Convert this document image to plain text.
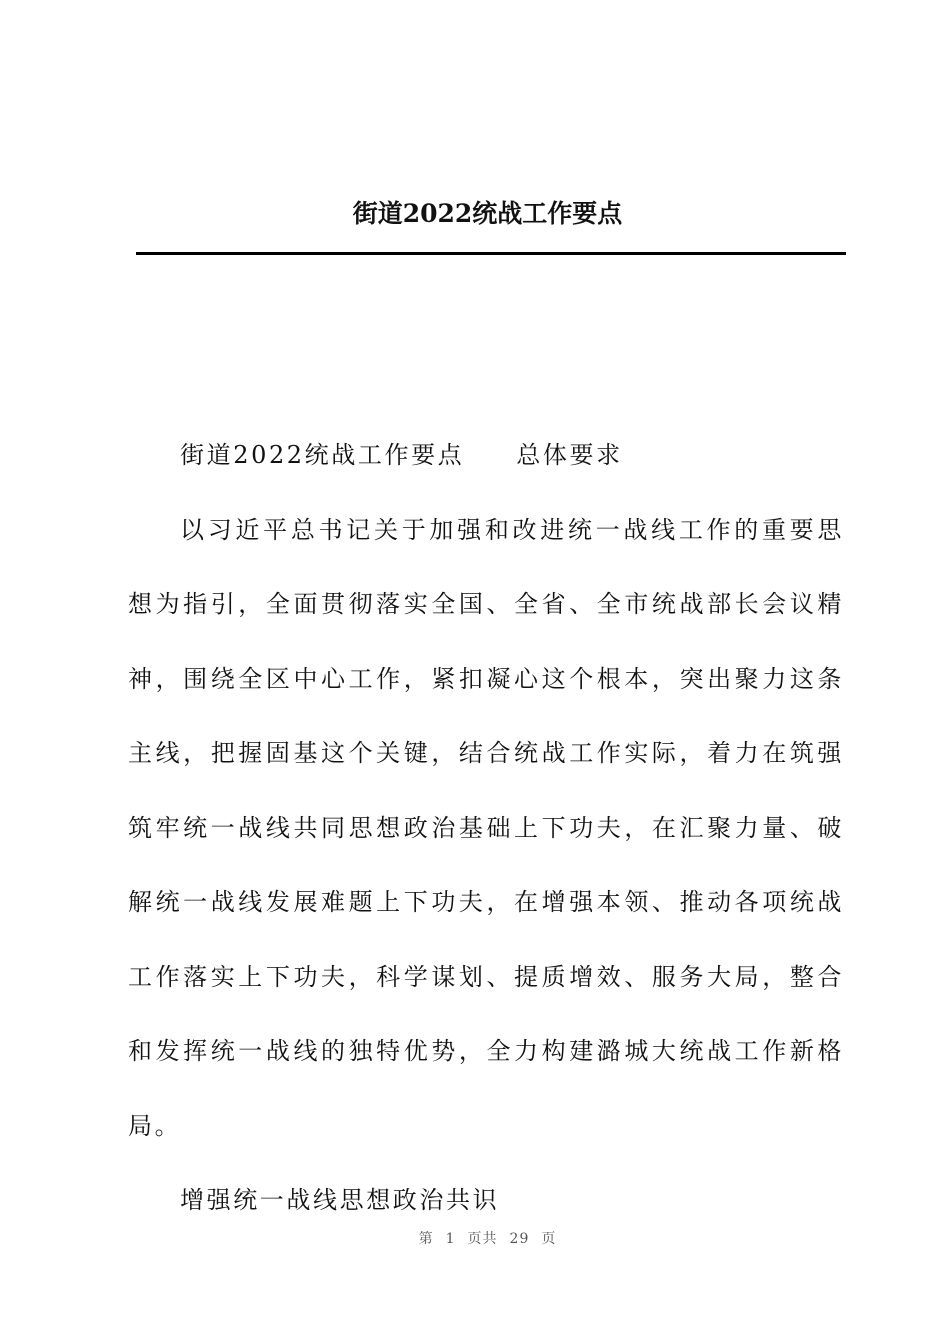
街道2022统战工作要点

街道2022统战工作要点 总体要求

以习近平总书记关于加强和改进统一战线工作的重要思想为指引，全面贯彻落实全国、全省、全市统战部长会议精神，围绕全区中心工作，紧扣凝心这个根本，突出聚力这条主线，把握固基这个关键，结合统战工作实际，着力在筑强筑牢统一战线共同思想政治基础上下功夫，在汇聚力量、破解统一战线发展难题上下功夫，在增强本领、推动各项统战工作落实上下功夫，科学谋划、提质增效、服务大局，整合和发挥统一战线的独特优势，全力构建潞城大统战工作新格局。

增强统一战线思想政治共识

第 1 页共 29 页
